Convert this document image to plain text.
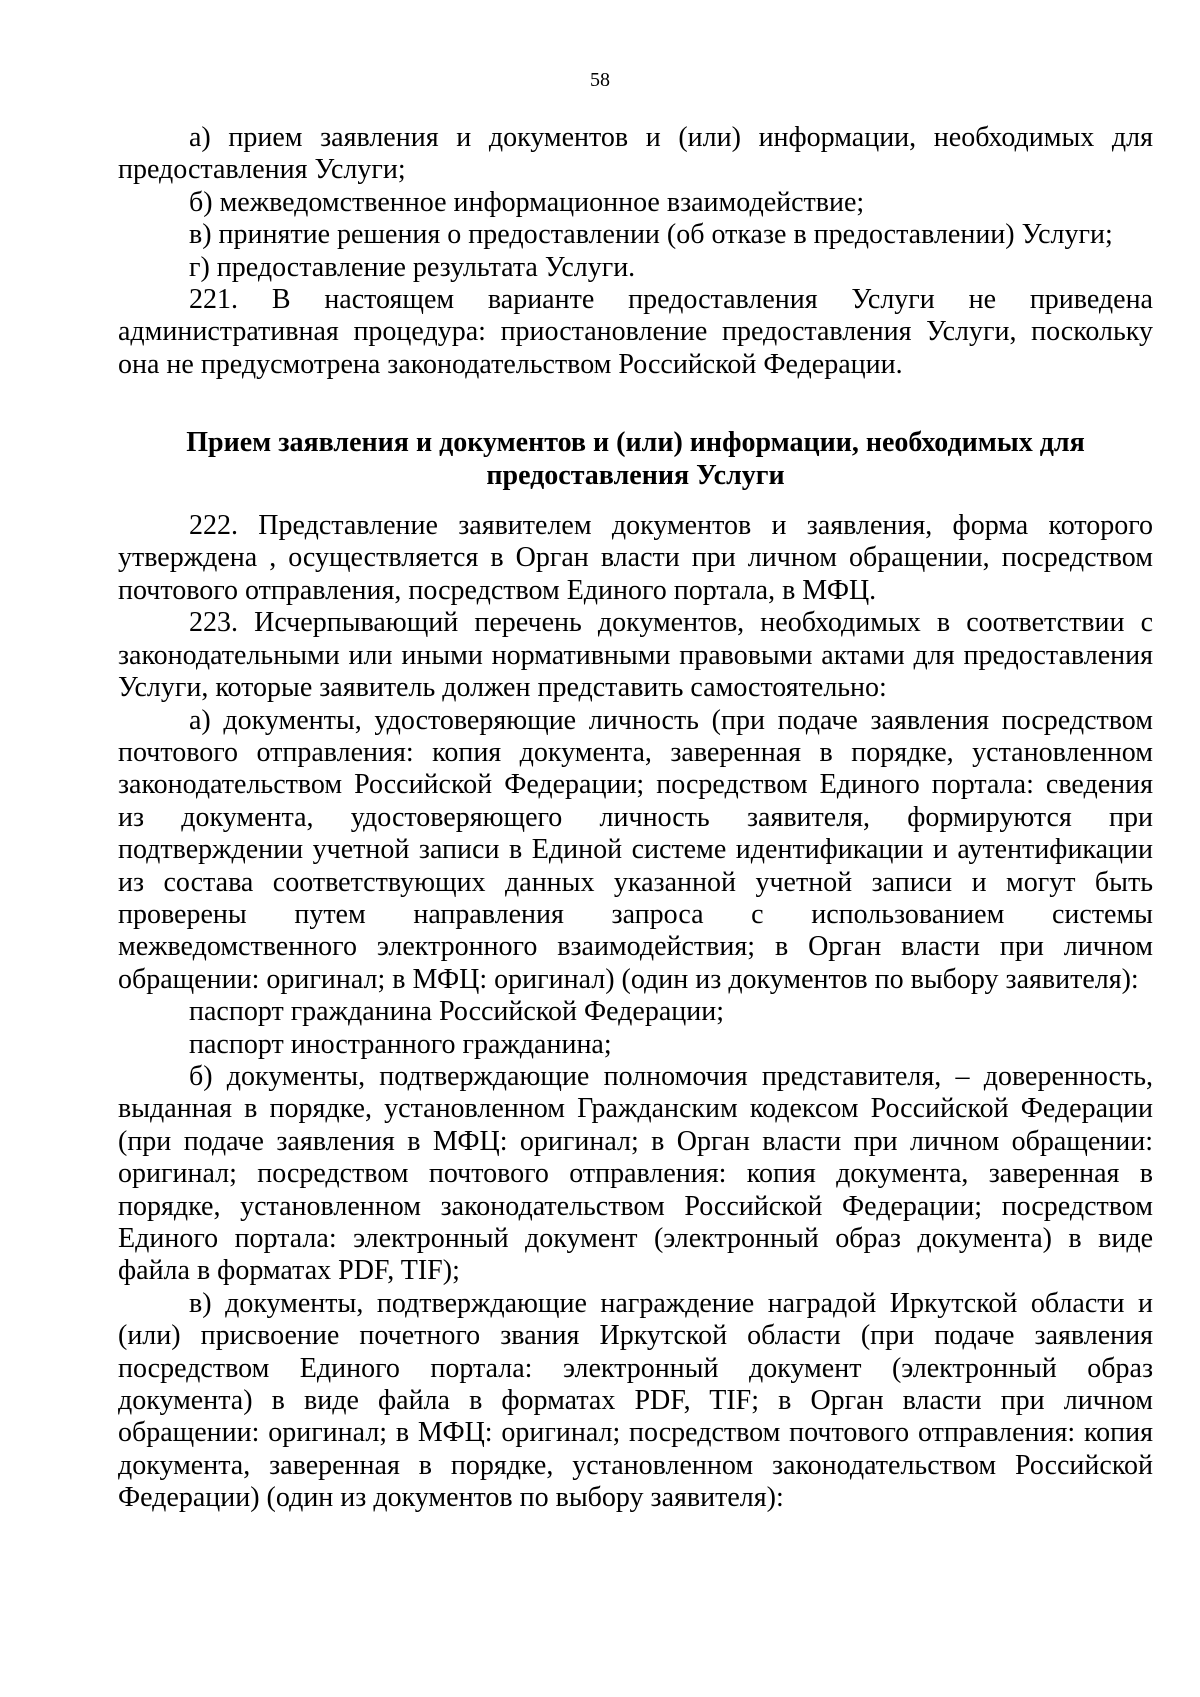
58

а) прием заявления и документов и (или) информации, необходимых для предоставления Услуги;

б) межведомственное информационное взаимодействие;

в) принятие решения о предоставлении (об отказе в предоставлении) Услуги;

г) предоставление результата Услуги.

221. В настоящем варианте предоставления Услуги не приведена административная процедура: приостановление предоставления Услуги, поскольку она не предусмотрена законодательством Российской Федерации.

Прием заявления и документов и (или) информации, необходимых для
предоставления Услуги

222. Представление заявителем документов и заявления, форма которого утверждена , осуществляется в Орган власти при личном обращении, посредством почтового отправления, посредством Единого портала, в МФЦ.

223. Исчерпывающий перечень документов, необходимых в соответствии с законодательными или иными нормативными правовыми актами для предоставления Услуги, которые заявитель должен представить самостоятельно:

а) документы, удостоверяющие личность (при подаче заявления посредством почтового отправления: копия документа, заверенная в порядке, установленном законодательством Российской Федерации; посредством Единого портала: сведения из документа, удостоверяющего личность заявителя, формируются при подтверждении учетной записи в Единой системе идентификации и аутентификации из состава соответствующих данных указанной учетной записи и могут быть проверены путем направления запроса с использованием системы межведомственного электронного взаимодействия; в Орган власти при личном обращении: оригинал; в МФЦ: оригинал) (один из документов по выбору заявителя):

паспорт гражданина Российской Федерации;

паспорт иностранного гражданина;

б) документы, подтверждающие полномочия представителя, – доверенность, выданная в порядке, установленном Гражданским кодексом Российской Федерации (при подаче заявления в МФЦ: оригинал; в Орган власти при личном обращении: оригинал; посредством почтового отправления: копия документа, заверенная в порядке, установленном законодательством Российской Федерации; посредством Единого портала: электронный документ (электронный образ документа) в виде файла в форматах PDF, TIF);

в) документы, подтверждающие награждение наградой Иркутской области и (или) присвоение почетного звания Иркутской области (при подаче заявления посредством Единого портала: электронный документ (электронный образ документа) в виде файла в форматах PDF, TIF; в Орган власти при личном обращении: оригинал; в МФЦ: оригинал; посредством почтового отправления: копия документа, заверенная в порядке, установленном законодательством Российской Федерации) (один из документов по выбору заявителя):
